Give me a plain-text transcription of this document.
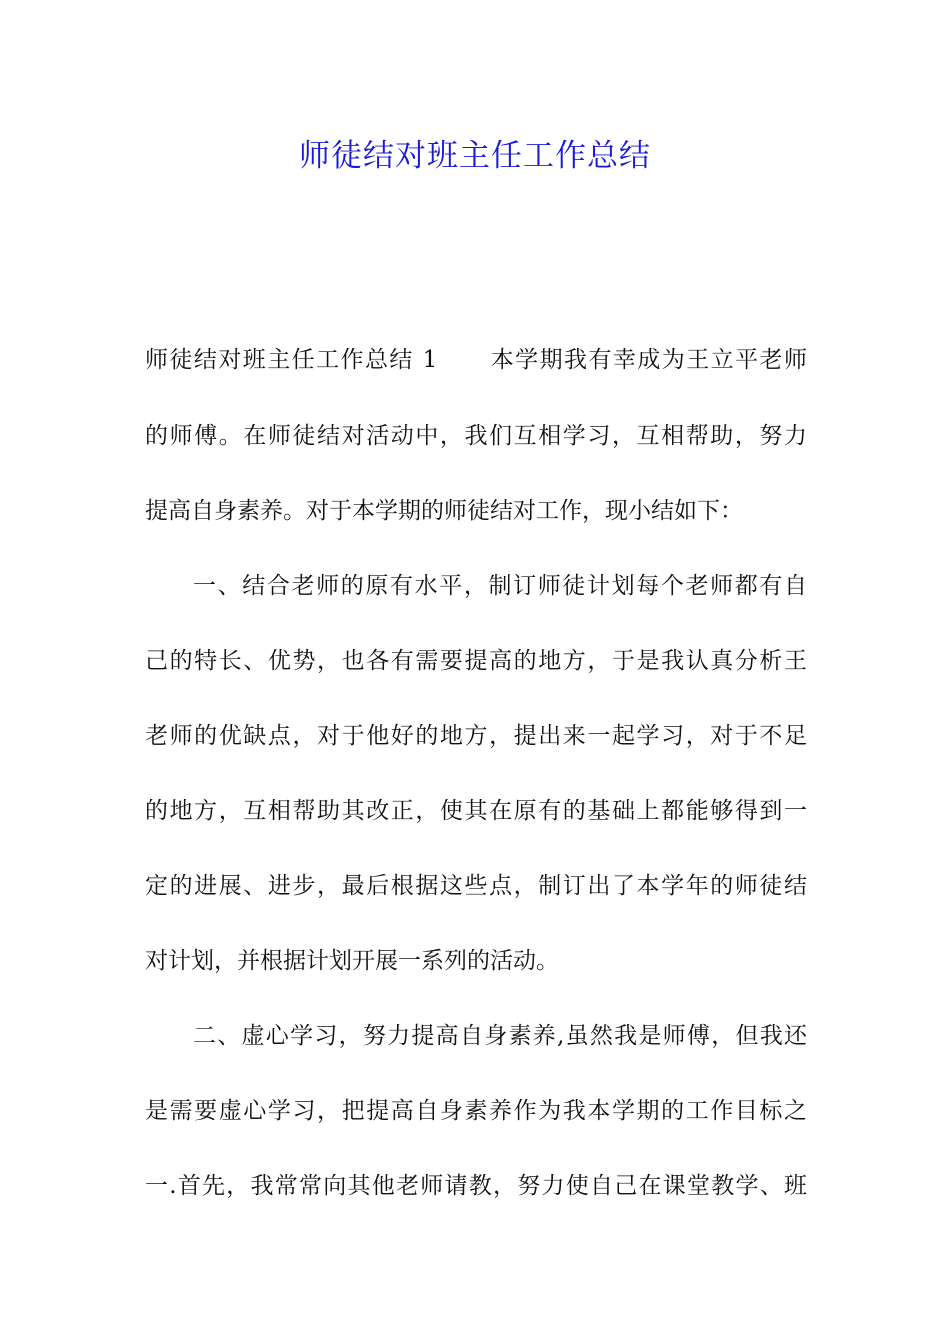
师徒结对班主任工作总结
师徒结对班主任工作总结 1 本学期我有幸成为王立平老师
的师傅。在师徒结对活动中，我们互相学习，互相帮助，努力
提高自身素养。对于本学期的师徒结对工作，现小结如下：
一、结合老师的原有水平，制订师徒计划每个老师都有自
己的特长、优势，也各有需要提高的地方，于是我认真分析王
老师的优缺点，对于他好的地方，提出来一起学习，对于不足
的地方，互相帮助其改正，使其在原有的基础上都能够得到一
定的进展、进步，最后根据这些点，制订出了本学年的师徒结
对计划，并根据计划开展一系列的活动。
二、虚心学习，努力提高自身素养,虽然我是师傅，但我还
是需要虚心学习，把提高自身素养作为我本学期的工作目标之
一.首先，我常常向其他老师请教，努力使自己在课堂教学、班
